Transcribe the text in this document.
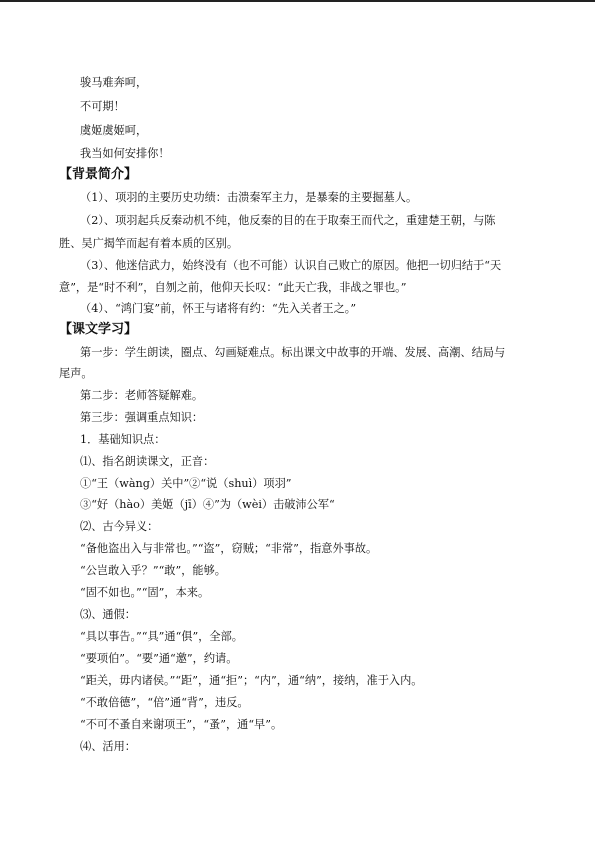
骏马难奔呵，
不可期！
虞姬虞姬呵，
我当如何安排你！
【背景简介】
（1）、项羽的主要历史功绩：击溃秦军主力，是暴秦的主要掘墓人。
（2）、项羽起兵反秦动机不纯，他反秦的目的在于取秦王而代之，重建楚王朝，与陈
胜、吴广揭竿而起有着本质的区别。
（3）、他迷信武力，始终没有（也不可能）认识自己败亡的原因。他把一切归结于“天
意”，是“时不利”，自刎之前，他仰天长叹：“此天亡我，非战之罪也。”
（4）、“鸿门宴”前，怀王与诸将有约：“先入关者王之。”
【课文学习】
第一步：学生朗读，圈点、勾画疑难点。标出课文中故事的开端、发展、高潮、结局与
尾声。
第二步：老师答疑解难。
第三步：强调重点知识：
1．基础知识点：
⑴、指名朗读课文，正音：
①“王（wàng）关中”②“说（shuì）项羽”
③“好（hào）美姬（jī）④”为（wèi）击破沛公军“
⑵、古今异义：
“备他盗出入与非常也。”“盗”，窃贼；“非常”，指意外事故。
“公岂敢入乎？”“敢”，能够。
“固不如也。”“固”，本来。
⑶、通假：
“具以事告。”“具”通“俱”，全部。
“要项伯”。“要”通“邀”，约请。
“距关，毋内诸侯。”“距”，通“拒”；“内”，通“纳”，接纳，准于入内。
“不敢倍德”，“倍”通“背”，违反。
“不可不蚤自来谢项王”，“蚤”，通“早”。
⑷、活用：
